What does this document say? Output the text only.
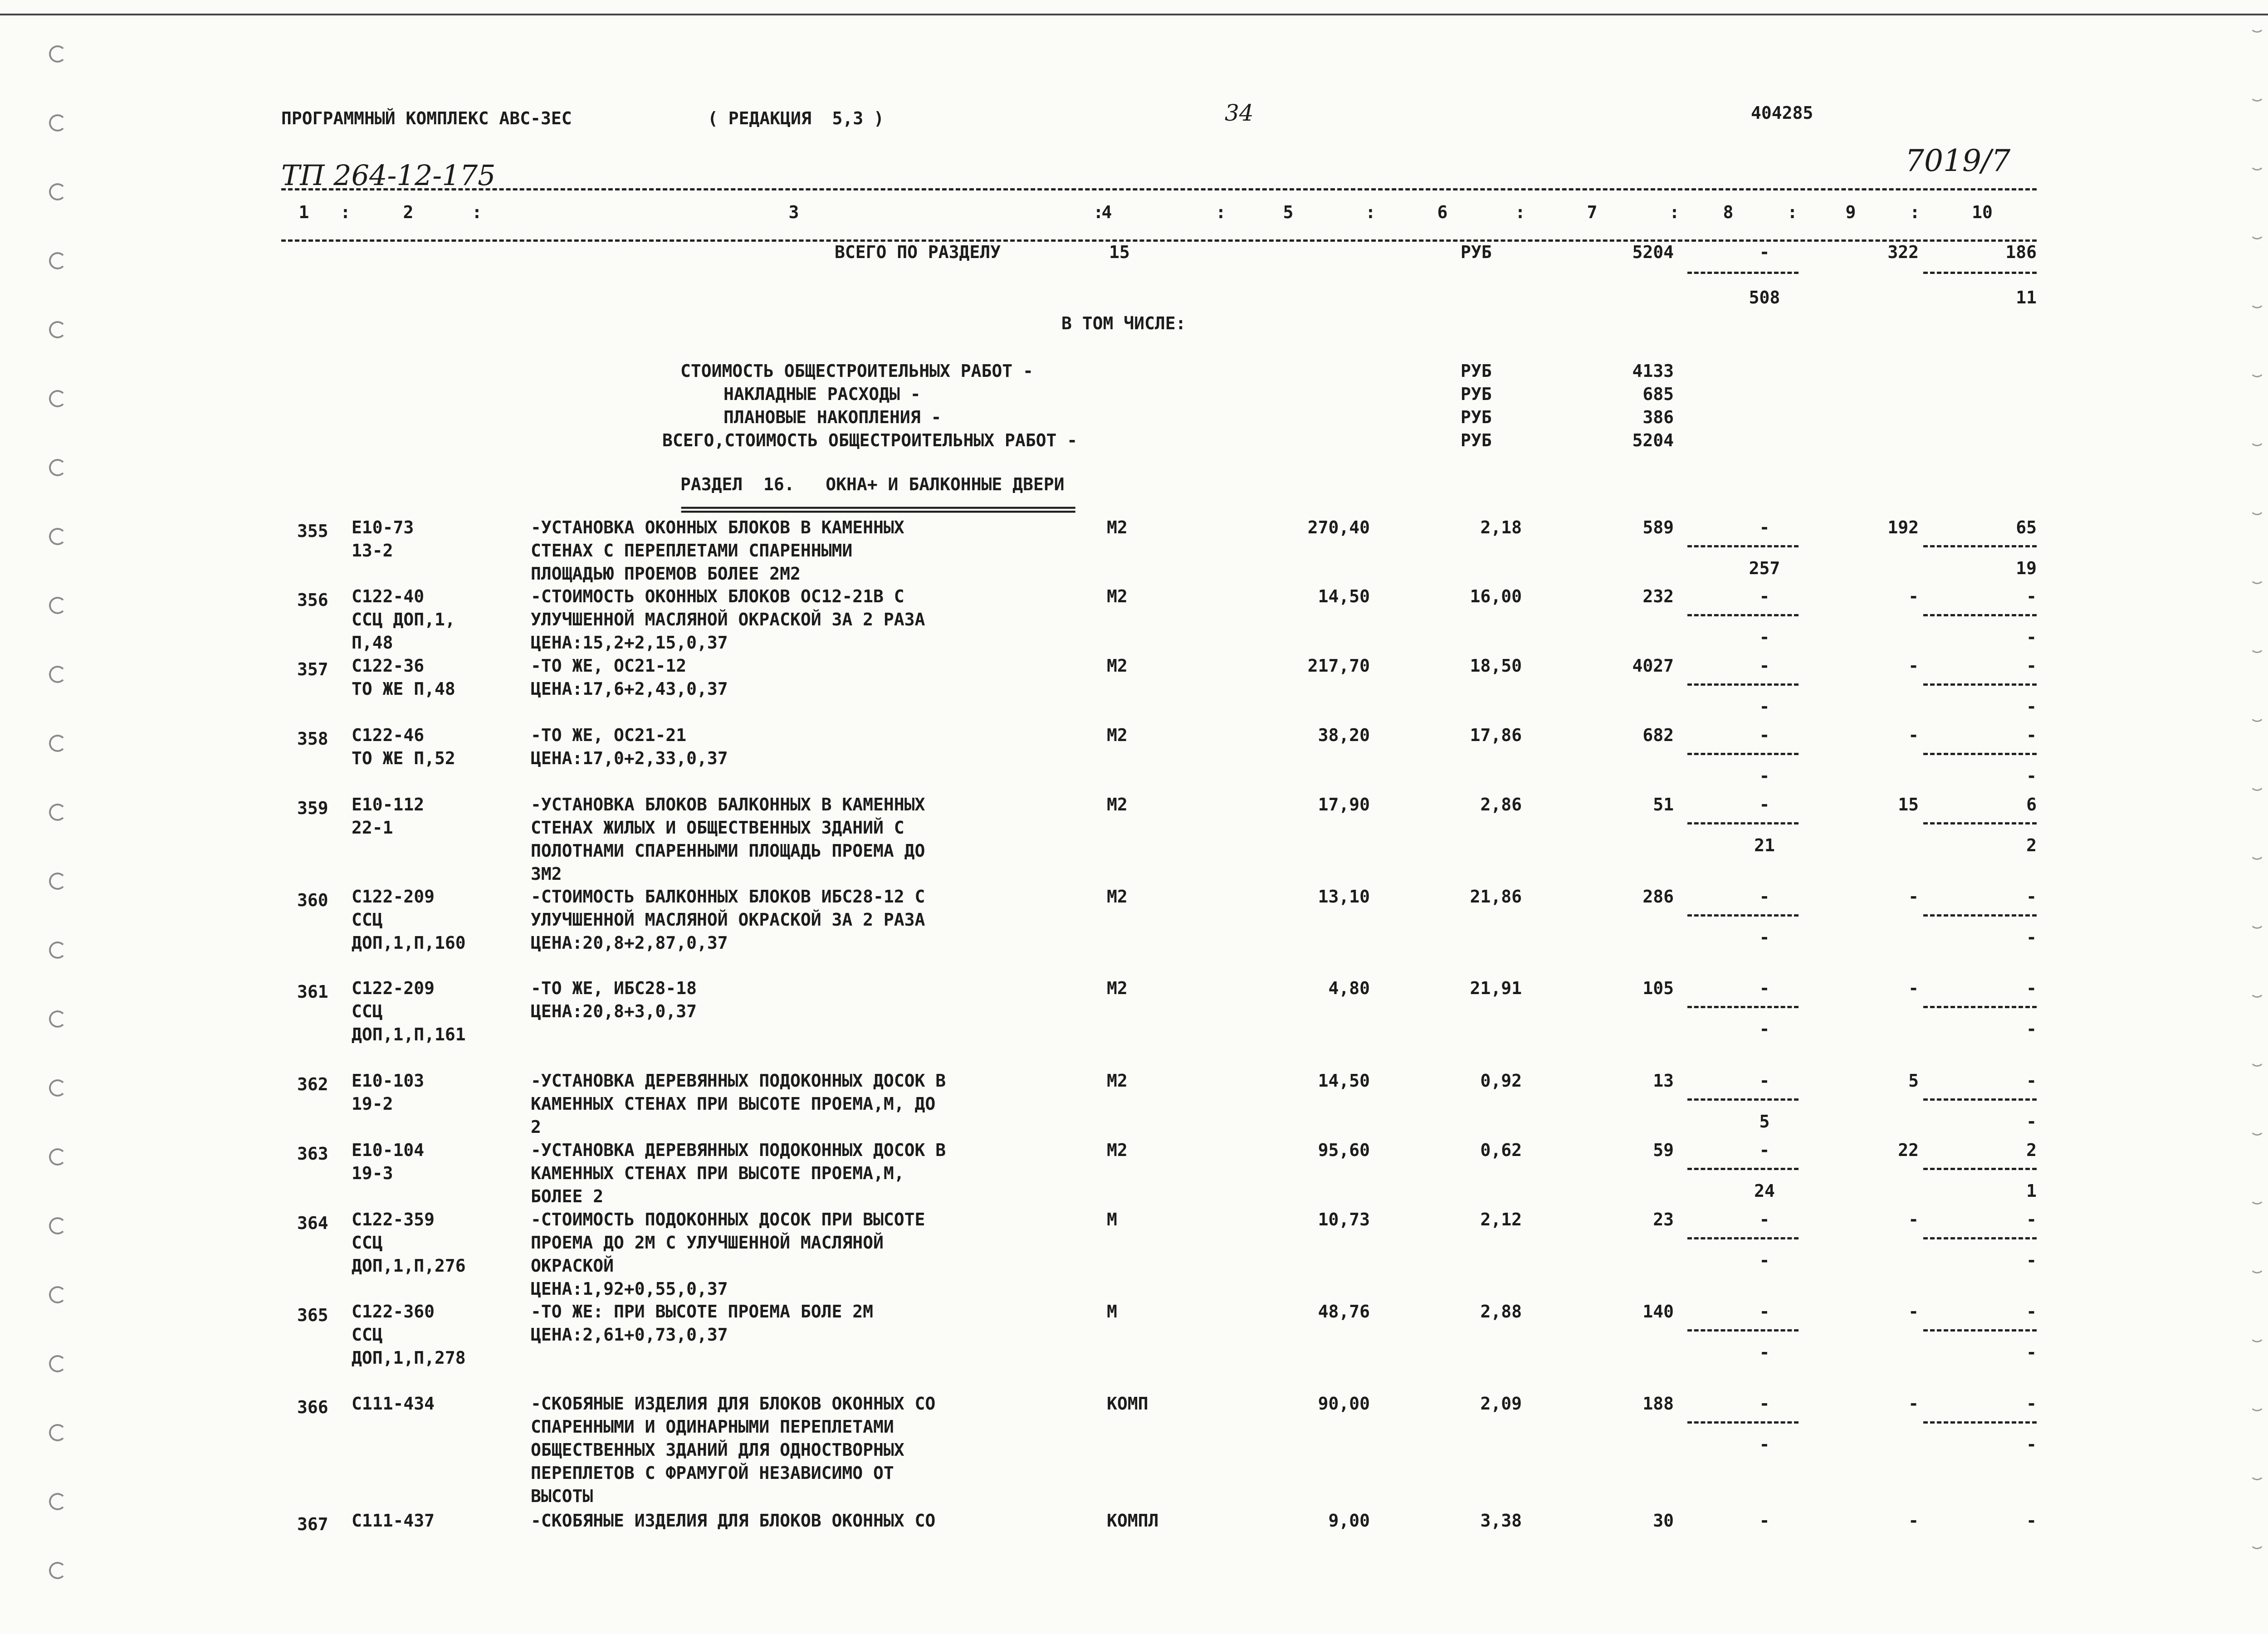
ПРОГРАММНЫЙ КОМПЛЕКС АВС-3ЕС	( РЕДАКЦИЯ  5,3 )	34	404285
ТП 264-12-175	7019/7
1	2	3	4	5	6	7	8	9	10
:	:	:	:	:	:	:	:	:
ВСЕГО ПО РАЗДЕЛУ	15	РУБ	5204	-	322	186
508	11
В ТОМ ЧИСЛЕ:
СТОИМОСТЬ ОБЩЕСТРОИТЕЛЬНЫХ РАБОТ -	РУБ	4133
НАКЛАДНЫЕ РАСХОДЫ -	РУБ	685
ПЛАНОВЫЕ НАКОПЛЕНИЯ -	РУБ	386
ВСЕГО,СТОИМОСТЬ ОБЩЕСТРОИТЕЛЬНЫХ РАБОТ -	РУБ	5204
РАЗДЕЛ  16.   ОКНА+ И БАЛКОННЫЕ ДВЕРИ
==============================================
355 Е10-73
13-2
-УСТАНОВКА ОКОННЫХ БЛОКОВ В КАМЕННЫХ
СТЕНАХ С ПЕРЕПЛЕТАМИ СПАРЕННЫМИ
ПЛОЩАДЬЮ ПРОЕМОВ БОЛЕЕ 2М2
М2	270,40	2,18	589	-	192	65
257	19
356 С122-40
ССЦ ДОП,1,
П,48
-СТОИМОСТЬ ОКОННЫХ БЛОКОВ ОС12-21В С
УЛУЧШЕННОЙ МАСЛЯНОЙ ОКРАСКОЙ ЗА 2 РАЗА
ЦЕНА:15,2+2,15,0,37
М2	14,50	16,00	232	-	-	-
-	-
357 С122-36
ТО ЖЕ П,48
-ТО ЖЕ, ОС21-12
ЦЕНА:17,6+2,43,0,37
М2	217,70	18,50	4027	-	-	-
-	-
358 С122-46
ТО ЖЕ П,52
-ТО ЖЕ, ОС21-21
ЦЕНА:17,0+2,33,0,37
М2	38,20	17,86	682	-	-	-
-	-
359 Е10-112
22-1
-УСТАНОВКА БЛОКОВ БАЛКОННЫХ В КАМЕННЫХ
СТЕНАХ ЖИЛЫХ И ОБЩЕСТВЕННЫХ ЗДАНИЙ С
ПОЛОТНАМИ СПАРЕННЫМИ ПЛОЩАДЬ ПРОЕМА ДО
3М2
М2	17,90	2,86	51	-	15	6
21	2
360 С122-209
ССЦ
ДОП,1,П,160
-СТОИМОСТЬ БАЛКОННЫХ БЛОКОВ ИБС28-12 С
УЛУЧШЕННОЙ МАСЛЯНОЙ ОКРАСКОЙ ЗА 2 РАЗА
ЦЕНА:20,8+2,87,0,37
М2	13,10	21,86	286	-	-	-
-	-
361 С122-209
ССЦ
ДОП,1,П,161
-ТО ЖЕ, ИБС28-18
ЦЕНА:20,8+3,0,37
М2	4,80	21,91	105	-	-	-
-	-
362 Е10-103
19-2
-УСТАНОВКА ДЕРЕВЯННЫХ ПОДОКОННЫХ ДОСОК В
КАМЕННЫХ СТЕНАХ ПРИ ВЫСОТЕ ПРОЕМА,М, ДО
2
М2	14,50	0,92	13	-	5	-
5	-
363 Е10-104
19-3
-УСТАНОВКА ДЕРЕВЯННЫХ ПОДОКОННЫХ ДОСОК В
КАМЕННЫХ СТЕНАХ ПРИ ВЫСОТЕ ПРОЕМА,М,
БОЛЕЕ 2
М2	95,60	0,62	59	-	22	2
24	1
364 С122-359
ССЦ
ДОП,1,П,276
-СТОИМОСТЬ ПОДОКОННЫХ ДОСОК ПРИ ВЫСОТЕ
ПРОЕМА ДО 2М С УЛУЧШЕННОЙ МАСЛЯНОЙ
ОКРАСКОЙ
ЦЕНА:1,92+0,55,0,37
М	10,73	2,12	23	-	-	-
-	-
365 С122-360
ССЦ
ДОП,1,П,278
-ТО ЖЕ: ПРИ ВЫСОТЕ ПРОЕМА БОЛЕ 2М
ЦЕНА:2,61+0,73,0,37
М	48,76	2,88	140	-	-	-
-	-
366 С111-434	-СКОБЯНЫЕ ИЗДЕЛИЯ ДЛЯ БЛОКОВ ОКОННЫХ СО
СПАРЕННЫМИ И ОДИНАРНЫМИ ПЕРЕПЛЕТАМИ
ОБЩЕСТВЕННЫХ ЗДАНИЙ ДЛЯ ОДНОСТВОРНЫХ
ПЕРЕПЛЕТОВ С ФРАМУГОЙ НЕЗАВИСИМО ОТ
ВЫСОТЫ
КОМП	90,00	2,09	188	-	-	-
-	-
367 С111-437	-СКОБЯНЫЕ ИЗДЕЛИЯ ДЛЯ БЛОКОВ ОКОННЫХ СО	КОМПЛ	9,00	3,38	30	-	-	-
